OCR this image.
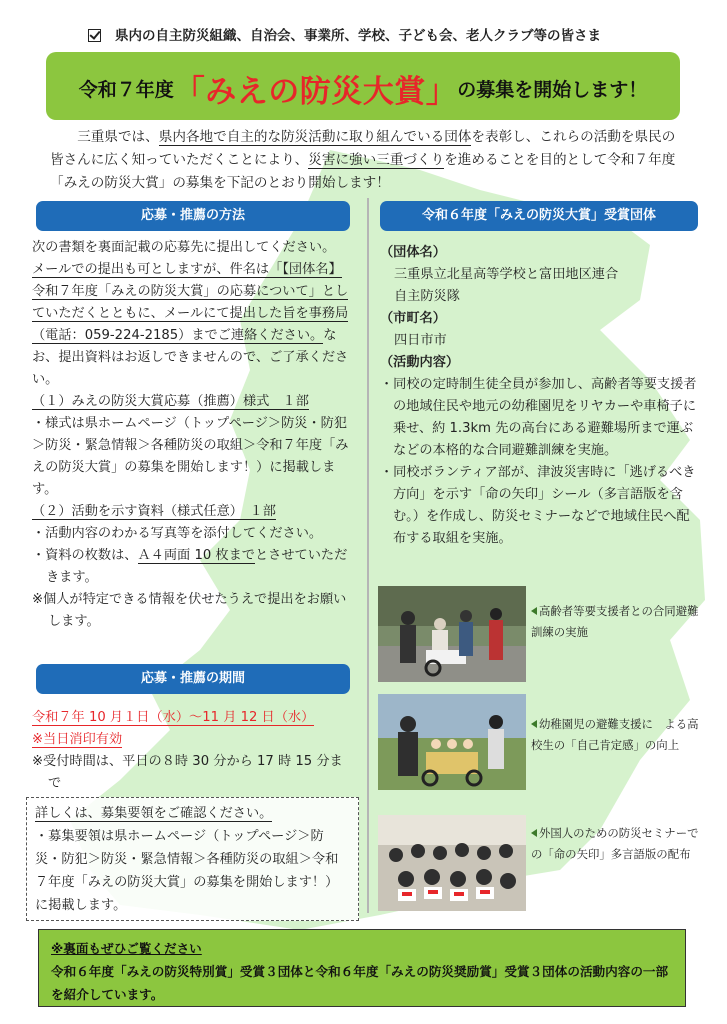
県内の自主防災組織、自治会、事業所、学校、子ども会、老人クラブ等の皆さま
令和７年度「みえの防災大賞」の募集を開始します！
三重県では、県内各地で自主的な防災活動に取り組んでいる団体を表彰し、これらの活動を県民の皆さんに広く知っていただくことにより、災害に強い三重づくりを進めることを目的として令和７年度「みえの防災大賞」の募集を下記のとおり開始します！
応募・推薦の方法

次の書類を裏面記載の応募先に提出してください。

メールでの提出も可としますが、件名は「【団体名】令和７年度「みえの防災大賞」の応募について」としていただくとともに、メールにて提出した旨を事務局（電話：059-224-2185）までご連絡ください。なお、提出資料はお返しできませんので、ご了承ください。

（１）みえの防災大賞応募（推薦）様式　１部

・様式は県ホームページ（トップページ＞防災・防犯＞防災・緊急情報＞各種防災の取組＞令和７年度「みえの防災大賞」の募集を開始します！）に掲載します。

（２）活動を示す資料（様式任意）　１部

・活動内容のわかる写真等を添付してください。

・資料の枚数は、Ａ４両面 10 枚までとさせていただきます。

※個人が特定できる情報を伏せたうえで提出をお願いします。

応募・推薦の期間

令和７年 10 月１日（水）～11 月 12 日（水）

※当日消印有効

※受付時間は、平日の８時 30 分から 17 時 15 分まで

詳しくは、募集要領をご確認ください。

・募集要領は県ホームページ（トップページ＞防災・防犯＞防災・緊急情報＞各種防災の取組＞令和７年度「みえの防災大賞」の募集を開始します！）に掲載します。

令和６年度「みえの防災大賞」受賞団体

（団体名）

三重県立北星高等学校と富田地区連合

自主防災隊

（市町名）

四日市市

（活動内容）

・同校の定時制生徒全員が参加し、高齢者等要支援者の地域住民や地元の幼稚園児をリヤカーや車椅子に乗せ、約 1.3km 先の高台にある避難場所まで運ぶなどの本格的な合同避難訓練を実施。

・同校ボランティア部が、津波災害時に「逃げるべき方向」を示す「命の矢印」シール（多言語版を含む。）を作成し、防災セミナーなどで地域住民へ配布する取組を実施。

高齢者等要支援者との合同避難訓練の実施
幼稚園児の避難支援に　よる高校生の「自己肯定感」の向上
外国人のための防災セミナーでの「命の矢印」多言語版の配布

※裏面もぜひご覧ください

令和６年度「みえの防災特別賞」受賞３団体と令和６年度「みえの防災奨励賞」受賞３団体の活動内容の一部を紹介しています。
